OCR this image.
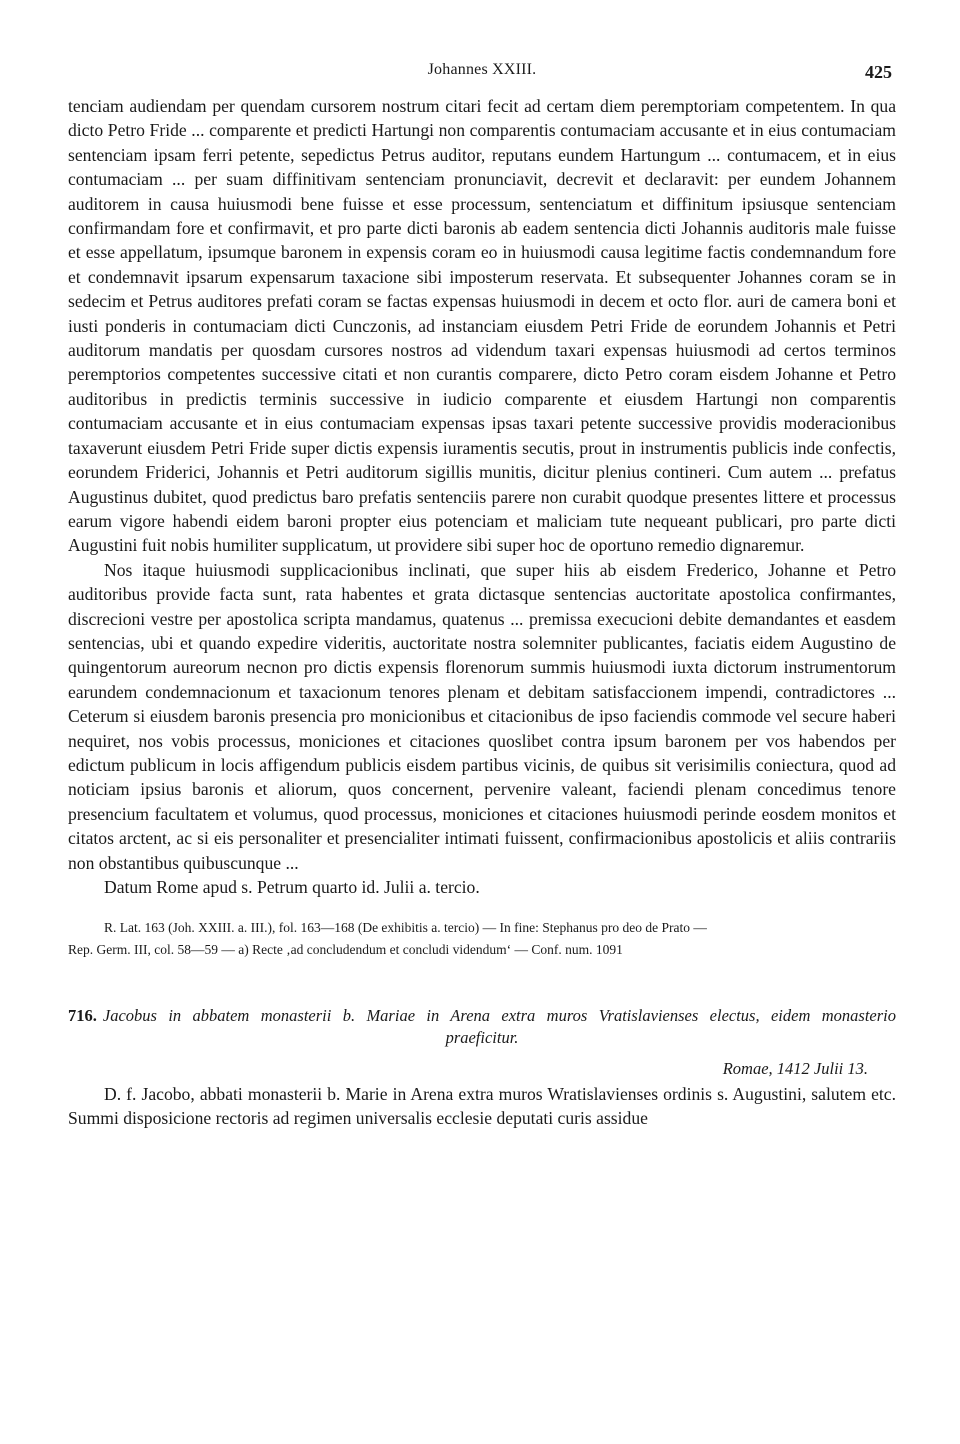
Johannes XXIII.	425

tenciam audiendam per quendam cursorem nostrum citari fecit ad certam diem peremptoriam competentem. In qua dicto Petro Fride ... comparente et predicti Hartungi non comparentis contumaciam accusante et in eius contumaciam sentenciam ipsam ferri petente, sepedictus Petrus auditor, reputans eundem Hartungum ... contumacem, et in eius contumaciam ... per suam diffinitivam sentenciam pronunciavit, decrevit et declaravit: per eundem Johannem auditorem in causa huiusmodi bene fuisse et esse processum, sentenciatum et diffinitum ipsiusque sentenciam confirmandam fore et confirmavit, et pro parte dicti baronis ab eadem sentencia dicti Johannis auditoris male fuisse et esse appellatum, ipsumque baronem in expensis coram eo in huiusmodi causa legitime factis condemnandum fore et condemnavit ipsarum expensarum taxacione sibi imposterum reservata. Et subsequenter Johannes coram se in sedecim et Petrus auditores prefati coram se factas expensas huiusmodi in decem et octo flor. auri de camera boni et iusti ponderis in contumaciam dicti Cunczonis, ad instanciam eiusdem Petri Fride de eorundem Johannis et Petri auditorum mandatis per quosdam cursores nostros ad videndum taxari expensas huiusmodi ad certos terminos peremptorios competentes successive citati et non curantis comparere, dicto Petro coram eisdem Johanne et Petro auditoribus in predictis terminis successive in iudicio comparente et eiusdem Hartungi non comparentis contumaciam accusante et in eius contumaciam expensas ipsas taxari petente successive providis moderacionibus taxaverunt eiusdem Petri Fride super dictis expensis iuramentis secutis, prout in instrumentis publicis inde confectis, eorundem Friderici, Johannis et Petri auditorum sigillis munitis, dicitur plenius contineri. Cum autem ... prefatus Augustinus dubitet, quod predictus baro prefatis sentenciis parere non curabit quodque presentes littere et processus earum vigore habendi eidem baroni propter eius potenciam et maliciam tute nequeant publicari, pro parte dicti Augustini fuit nobis humiliter supplicatum, ut providere sibi super hoc de oportuno remedio dignaremur.

Nos itaque huiusmodi supplicacionibus inclinati, que super hiis ab eisdem Frederico, Johanne et Petro auditoribus provide facta sunt, rata habentes et grata dictasque sentencias auctoritate apostolica confirmantes, discrecioni vestre per apostolica scripta mandamus, quatenus ... premissa execucioni debite demandantes et easdem sentencias, ubi et quando expedire videritis, auctoritate nostra solemniter publicantes, faciatis eidem Augustino de quingentorum aureorum necnon pro dictis expensis florenorum summis huiusmodi iuxta dictorum instrumentorum earundem condemnacionum et taxacionum tenores plenam et debitam satisfaccionem impendi, contradictores ... Ceterum si eiusdem baronis presencia pro monicionibus et citacionibus de ipso faciendis commode vel secure haberi nequiret, nos vobis processus, moniciones et citaciones quoslibet contra ipsum baronem per vos habendos per edictum publicum in locis affigendum publicis eisdem partibus vicinis, de quibus sit verisimilis coniectura, quod ad noticiam ipsius baronis et aliorum, quos concernent, pervenire valeant, faciendi plenam concedimus tenore presencium facultatem et volumus, quod processus, moniciones et citaciones huiusmodi perinde eosdem monitos et citatos arctent, ac si eis personaliter et presencialiter intimati fuissent, confirmacionibus apostolicis et aliis contrariis non obstantibus quibuscunque ...

Datum Rome apud s. Petrum quarto id. Julii a. tercio.

R. Lat. 163 (Joh. XXIII. a. III.), fol. 163—168 (De exhibitis a. tercio) — In fine: Stephanus pro deo de Prato —

Rep. Germ. III, col. 58—59 — a) Recte ‚ad concludendum et concludi videndum‘ — Conf. num. 1091

716. Jacobus in abbatem monasterii b. Mariae in Arena extra muros Vratislavienses electus, eidem monasterio
praeficitur.
Romae, 1412 Julii 13.

D. f. Jacobo, abbati monasterii b. Marie in Arena extra muros Wratislavienses ordinis s. Augustini, salutem etc. Summi disposicione rectoris ad regimen universalis ecclesie deputati curis assidue
